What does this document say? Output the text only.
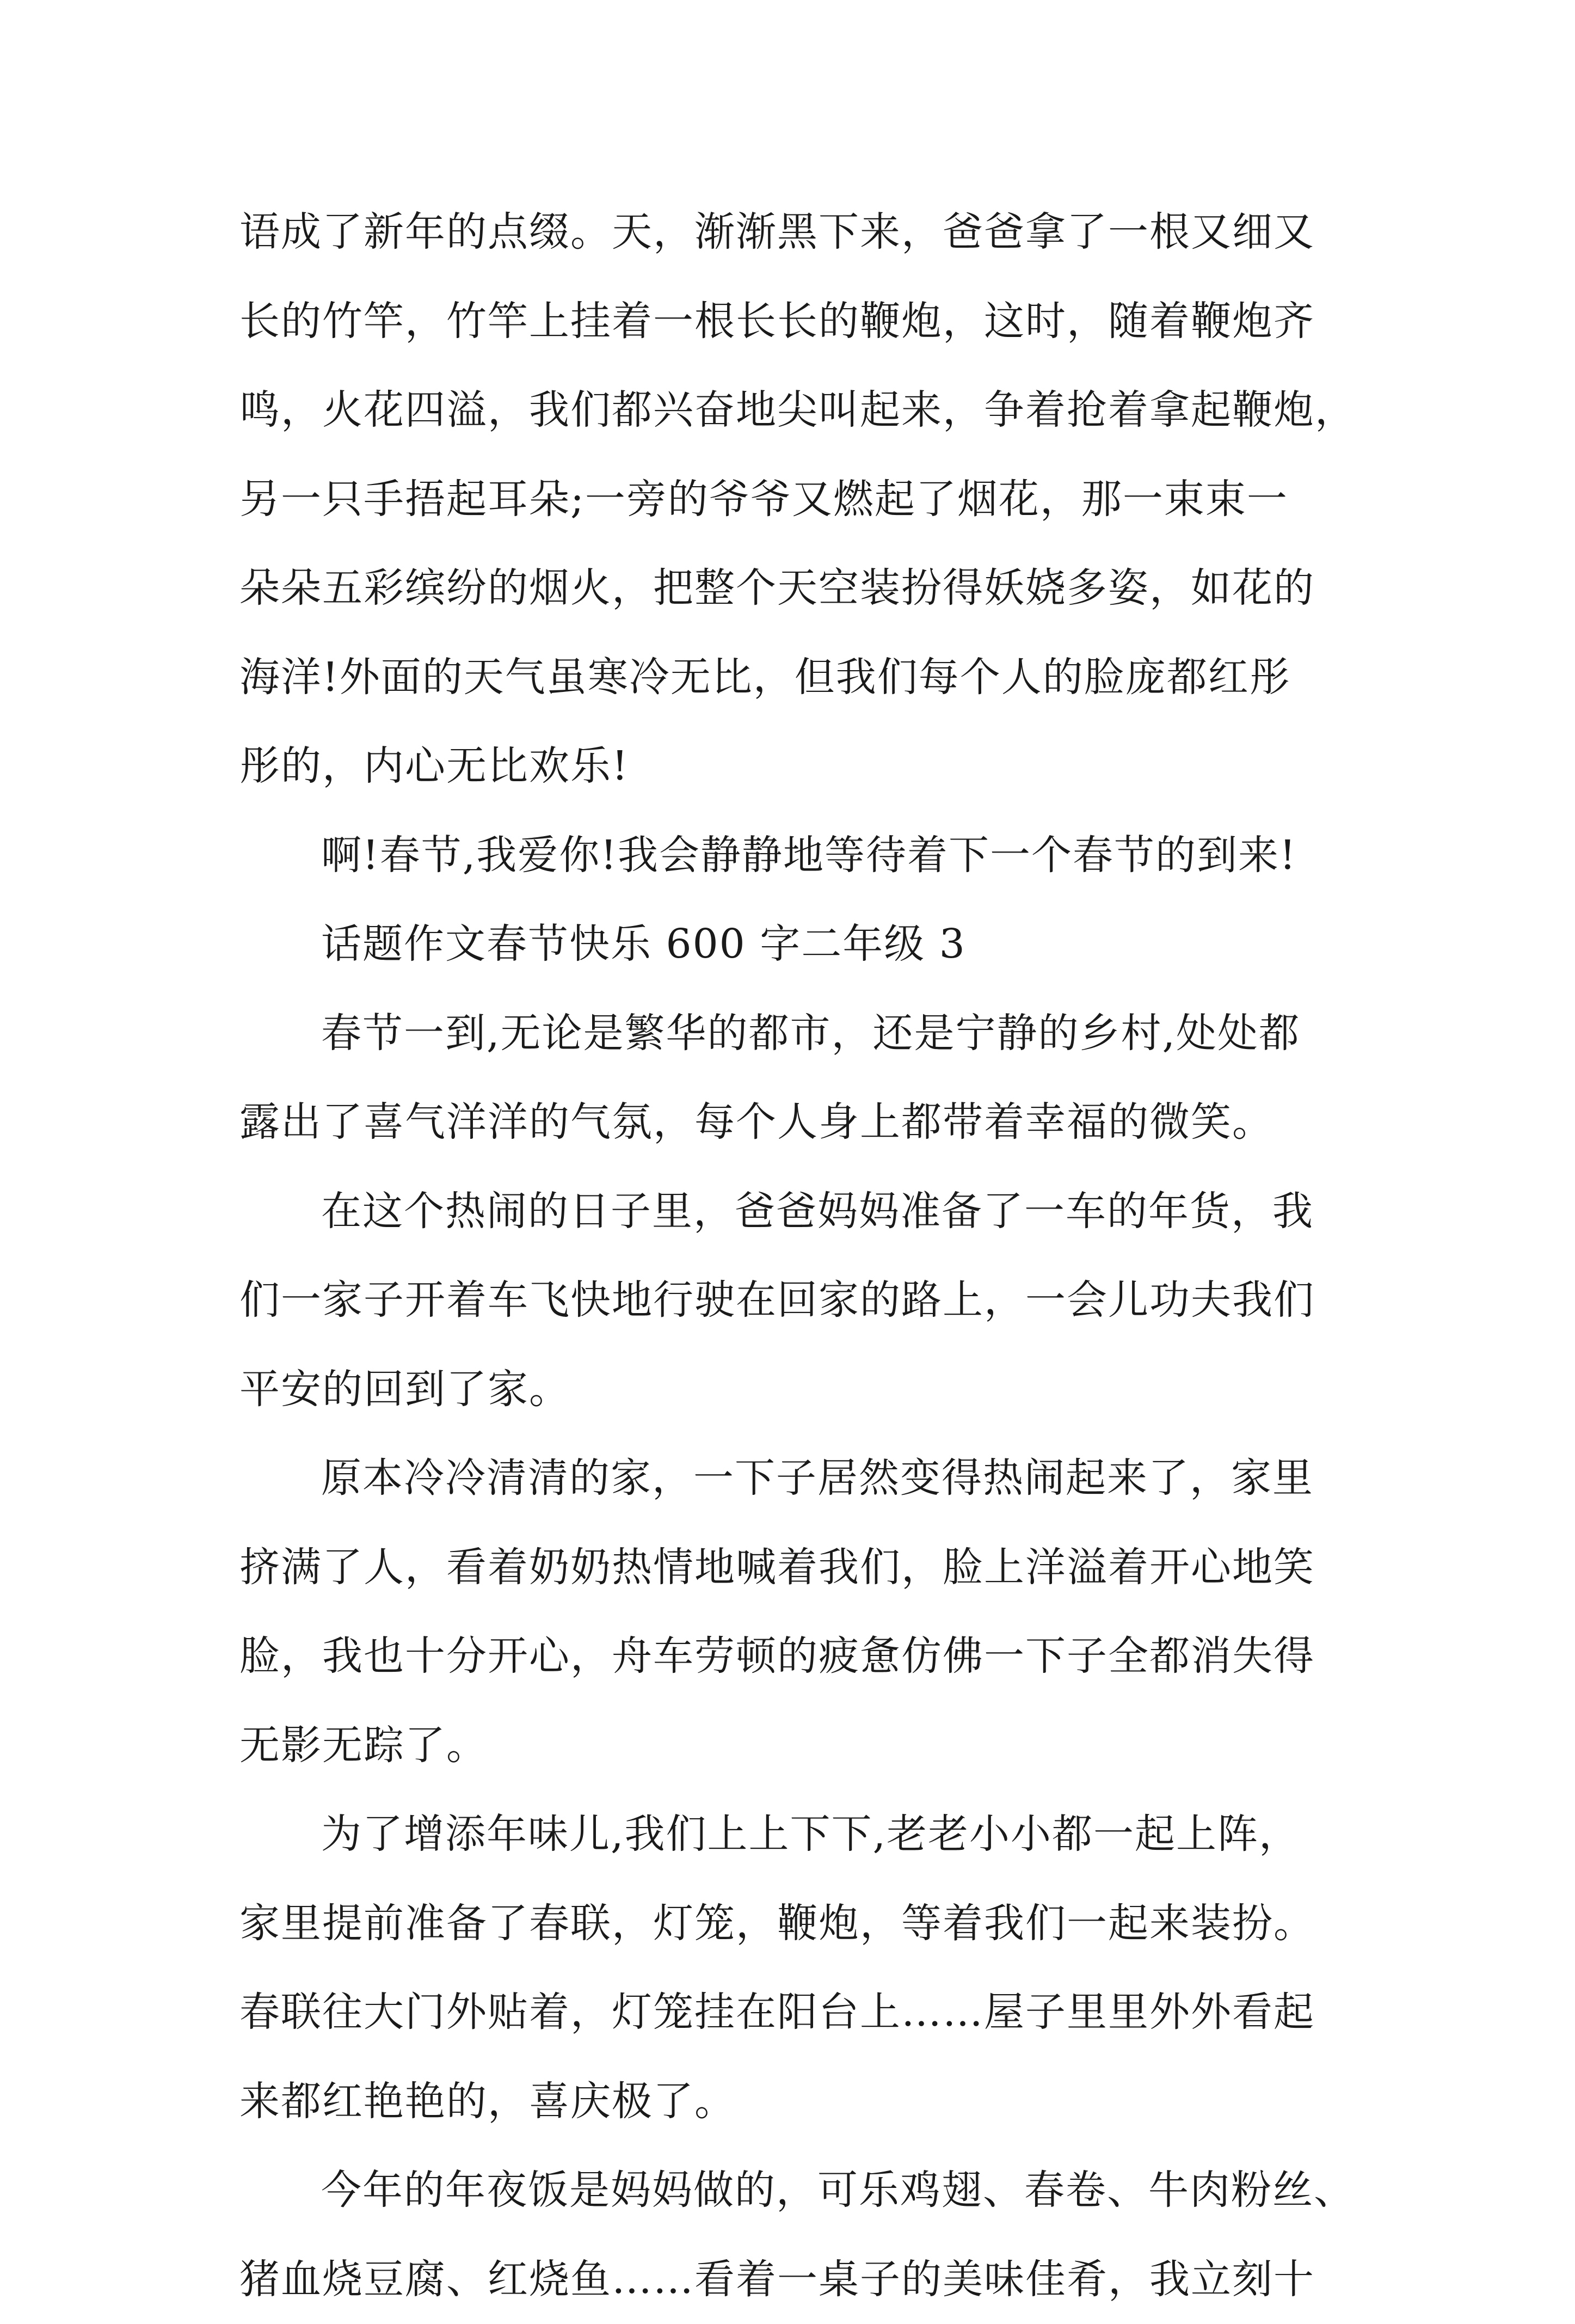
语成了新年的点缀。天，渐渐黑下来，爸爸拿了一根又细又
长的竹竿，竹竿上挂着一根长长的鞭炮，这时，随着鞭炮齐
鸣，火花四溢，我们都兴奋地尖叫起来，争着抢着拿起鞭炮，
另一只手捂起耳朵;一旁的爷爷又燃起了烟花，那一束束一
朵朵五彩缤纷的烟火，把整个天空装扮得妖娆多姿，如花的
海洋!外面的天气虽寒冷无比，但我们每个人的脸庞都红彤
彤的，内心无比欢乐!
啊!春节,我爱你!我会静静地等待着下一个春节的到来!
话题作文春节快乐 600 字二年级 3
春节一到,无论是繁华的都市，还是宁静的乡村,处处都
露出了喜气洋洋的气氛，每个人身上都带着幸福的微笑。
在这个热闹的日子里，爸爸妈妈准备了一车的年货，我
们一家子开着车飞快地行驶在回家的路上，一会儿功夫我们
平安的回到了家。
原本冷冷清清的家，一下子居然变得热闹起来了，家里
挤满了人，看着奶奶热情地喊着我们，脸上洋溢着开心地笑
脸，我也十分开心，舟车劳顿的疲惫仿佛一下子全都消失得
无影无踪了。
为了增添年味儿,我们上上下下,老老小小都一起上阵，
家里提前准备了春联，灯笼，鞭炮，等着我们一起来装扮。
春联往大门外贴着，灯笼挂在阳台上……屋子里里外外看起
来都红艳艳的，喜庆极了。
今年的年夜饭是妈妈做的，可乐鸡翅、春卷、牛肉粉丝、
猪血烧豆腐、红烧鱼……看着一桌子的美味佳肴，我立刻十
